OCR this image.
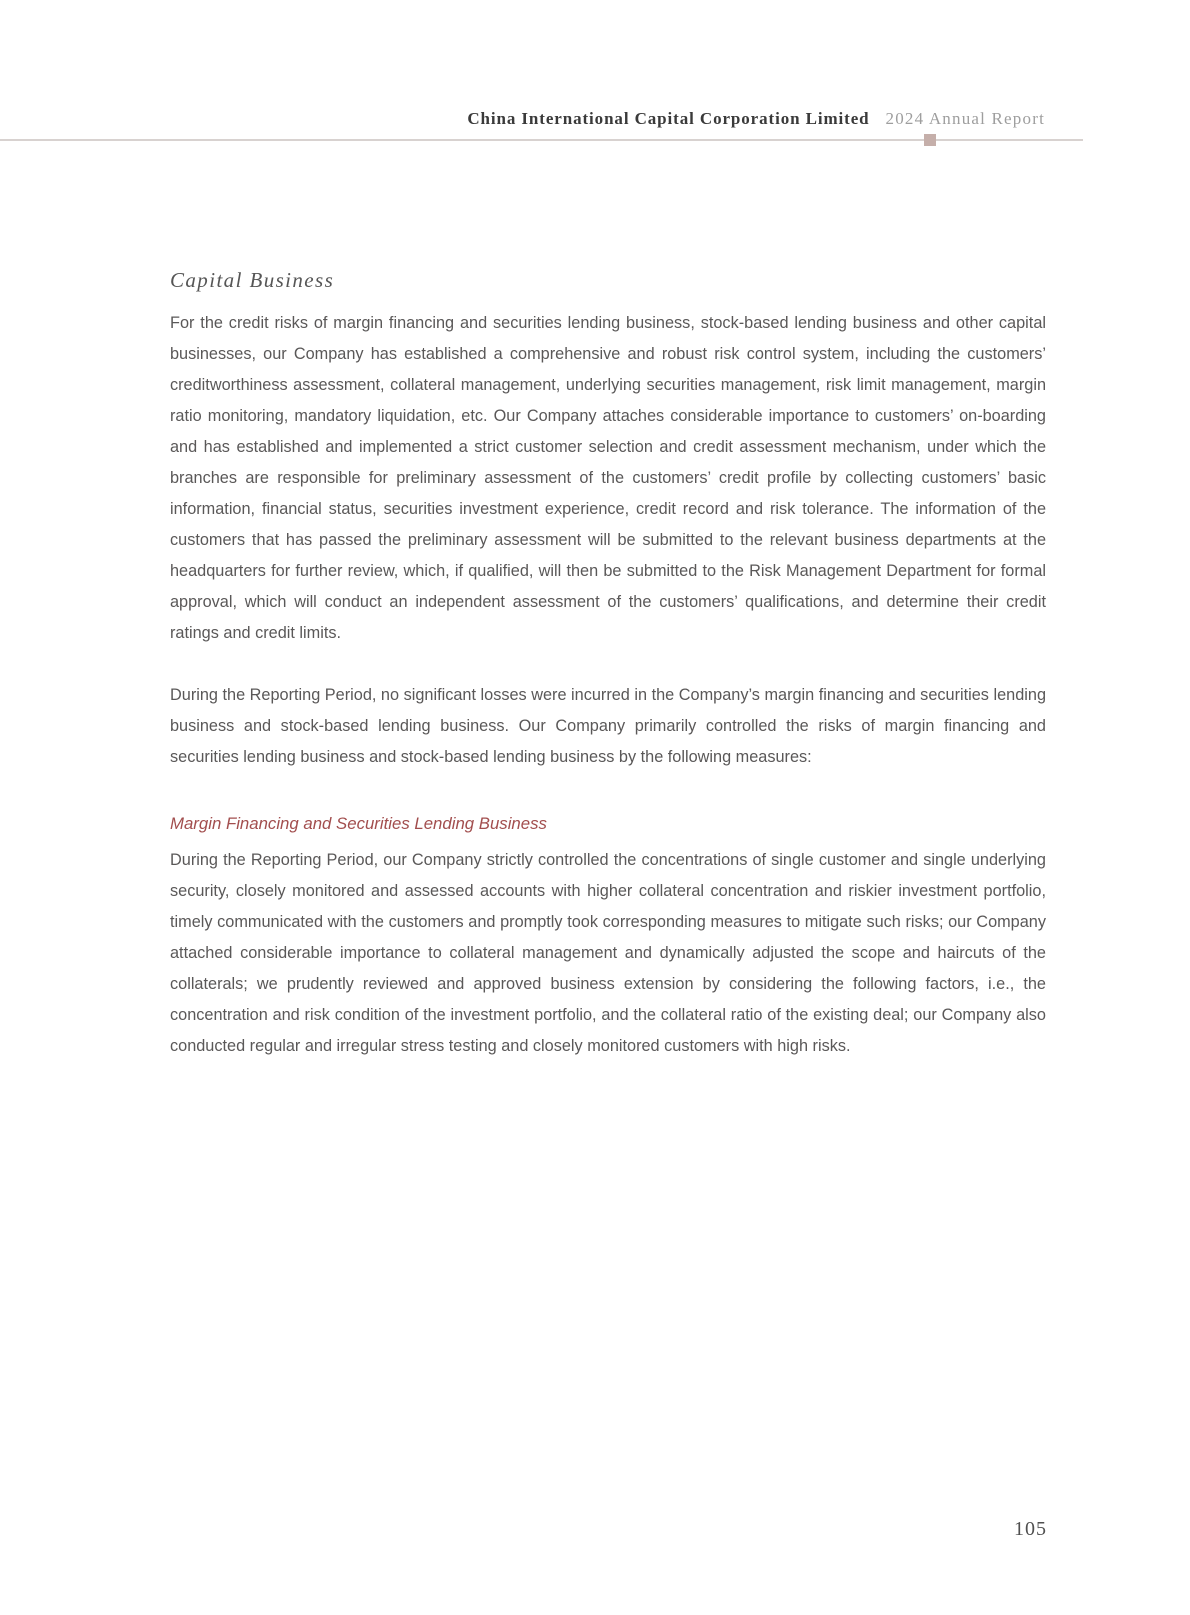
China International Capital Corporation Limited 2024 Annual Report
Capital Business

For the credit risks of margin financing and securities lending business, stock-based lending business and other capital businesses, our Company has established a comprehensive and robust risk control system, including the customers’ creditworthiness assessment, collateral management, underlying securities management, risk limit management, margin ratio monitoring, mandatory liquidation, etc. Our Company attaches considerable importance to customers’ on-boarding and has established and implemented a strict customer selection and credit assessment mechanism, under which the branches are responsible for preliminary assessment of the customers’ credit profile by collecting customers’ basic information, financial status, securities investment experience, credit record and risk tolerance. The information of the customers that has passed the preliminary assessment will be submitted to the relevant business departments at the headquarters for further review, which, if qualified, will then be submitted to the Risk Management Department for formal approval, which will conduct an independent assessment of the customers’ qualifications, and determine their credit ratings and credit limits.

During the Reporting Period, no significant losses were incurred in the Company’s margin financing and securities lending business and stock-based lending business. Our Company primarily controlled the risks of margin financing and securities lending business and stock-based lending business by the following measures:

Margin Financing and Securities Lending Business

During the Reporting Period, our Company strictly controlled the concentrations of single customer and single underlying security, closely monitored and assessed accounts with higher collateral concentration and riskier investment portfolio, timely communicated with the customers and promptly took corresponding measures to mitigate such risks; our Company attached considerable importance to collateral management and dynamically adjusted the scope and haircuts of the collaterals; we prudently reviewed and approved business extension by considering the following factors, i.e., the concentration and risk condition of the investment portfolio, and the collateral ratio of the existing deal; our Company also conducted regular and irregular stress testing and closely monitored customers with high risks.

105
